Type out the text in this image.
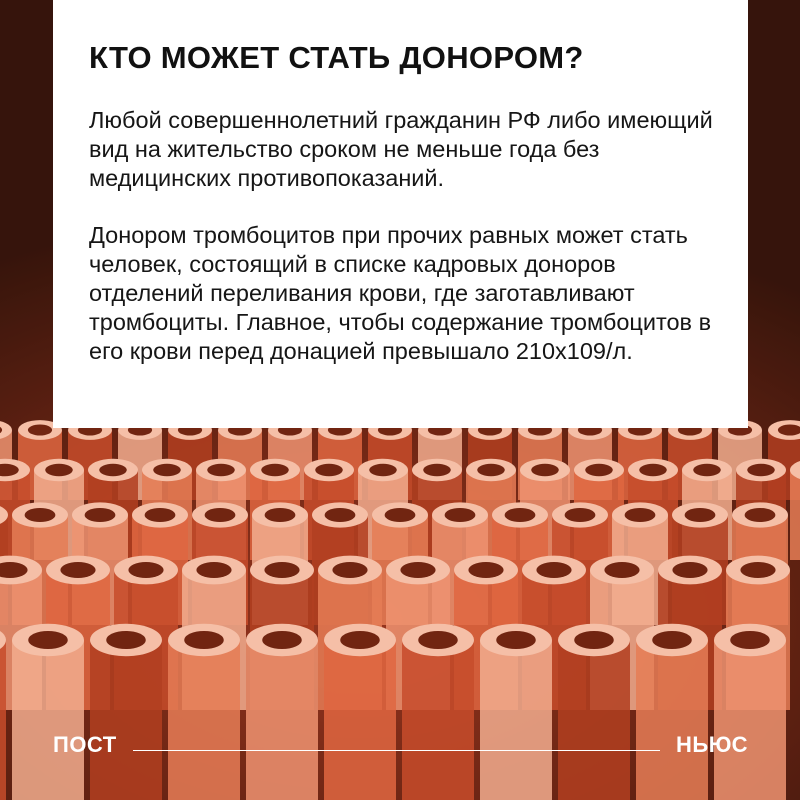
КТО МОЖЕТ СТАТЬ ДОНОРОМ?

Любой совершеннолетний гражданин РФ либо имеющий вид на жительство сроком не меньше года без медицинских противопоказаний.

Донором тромбоцитов при прочих равных может стать человек, состоящий в списке кадровых доноров отделений переливания крови, где заготавливают тромбоциты. Главное, чтобы содержание тромбоцитов в его крови перед донацией превышало 210х109/л.

ПОСТ	НЬЮС
